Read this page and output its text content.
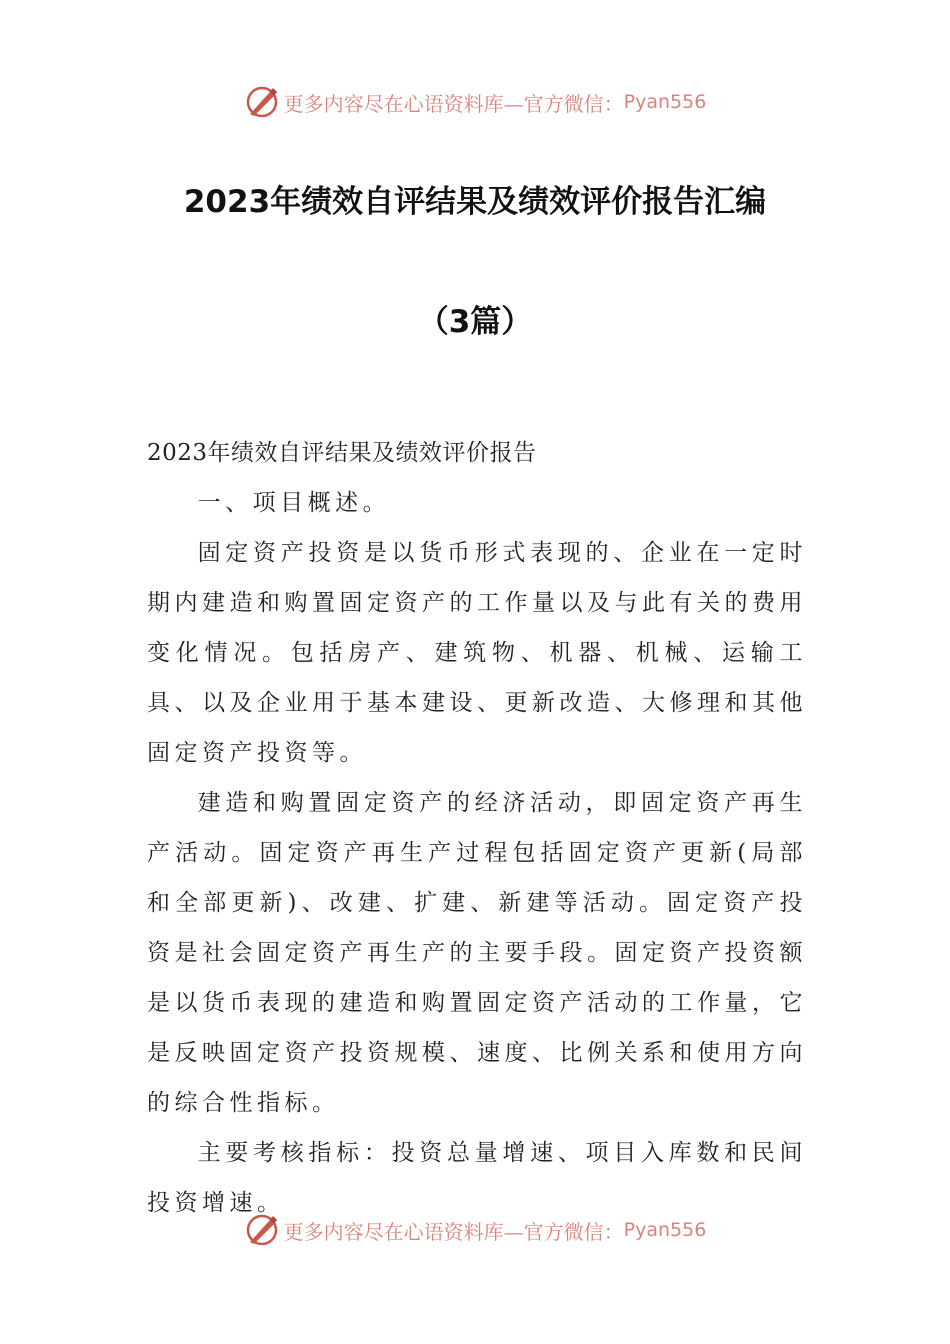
更多内容尽在心语资料库—官方微信： Pyan556
2023年绩效自评结果及绩效评价报告汇编
（3篇）

2023年绩效自评结果及绩效评价报告

一、项目概述。

固定资产投资是以货币形式表现的、企业在一定时期内建造和购置固定资产的工作量以及与此有关的费用变化情况。包括房产、建筑物、机器、机械、运输工具、以及企业用于基本建设、更新改造、大修理和其他固定资产投资等。

建造和购置固定资产的经济活动，即固定资产再生产活动。固定资产再生产过程包括固定资产更新(局部和全部更新)、改建、扩建、新建等活动。固定资产投资是社会固定资产再生产的主要手段。固定资产投资额是以货币表现的建造和购置固定资产活动的工作量，它是反映固定资产投资规模、速度、比例关系和使用方向的综合性指标。

主要考核指标：投资总量增速、项目入库数和民间投资增速。

更多内容尽在心语资料库—官方微信： Pyan556
